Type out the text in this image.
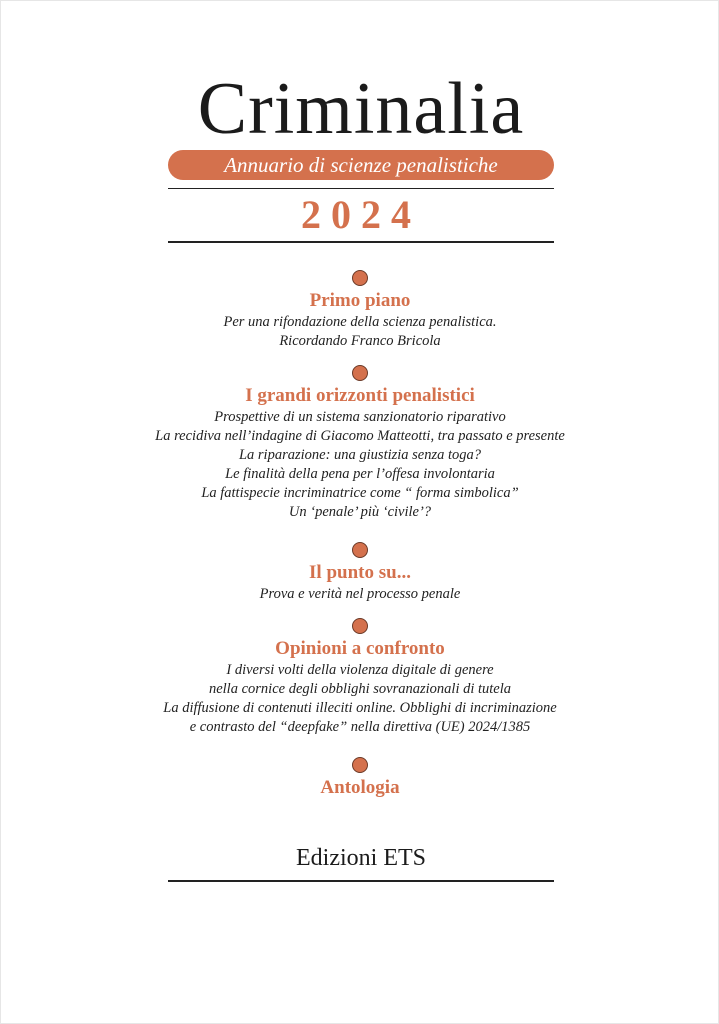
Criminalia
Annuario di scienze penalistiche
2024
Primo piano
Per una rifondazione della scienza penalistica.
Ricordando Franco Bricola
I grandi orizzonti penalistici
Prospettive di un sistema sanzionatorio riparativo
La recidiva nell’indagine di Giacomo Matteotti, tra passato e presente
La riparazione: una giustizia senza toga?
Le finalità della pena per l’offesa involontaria
La fattispecie incriminatrice come “ forma simbolica”
Un ‘penale’ più ‘civile’?
Il punto su...
Prova e verità nel processo penale
Opinioni a confronto
I diversi volti della violenza digitale di genere
nella cornice degli obblighi sovranazionali di tutela
La diffusione di contenuti illeciti online. Obblighi di incriminazione
e contrasto del “deepfake” nella direttiva (UE) 2024/1385
Antologia
Edizioni ETS
